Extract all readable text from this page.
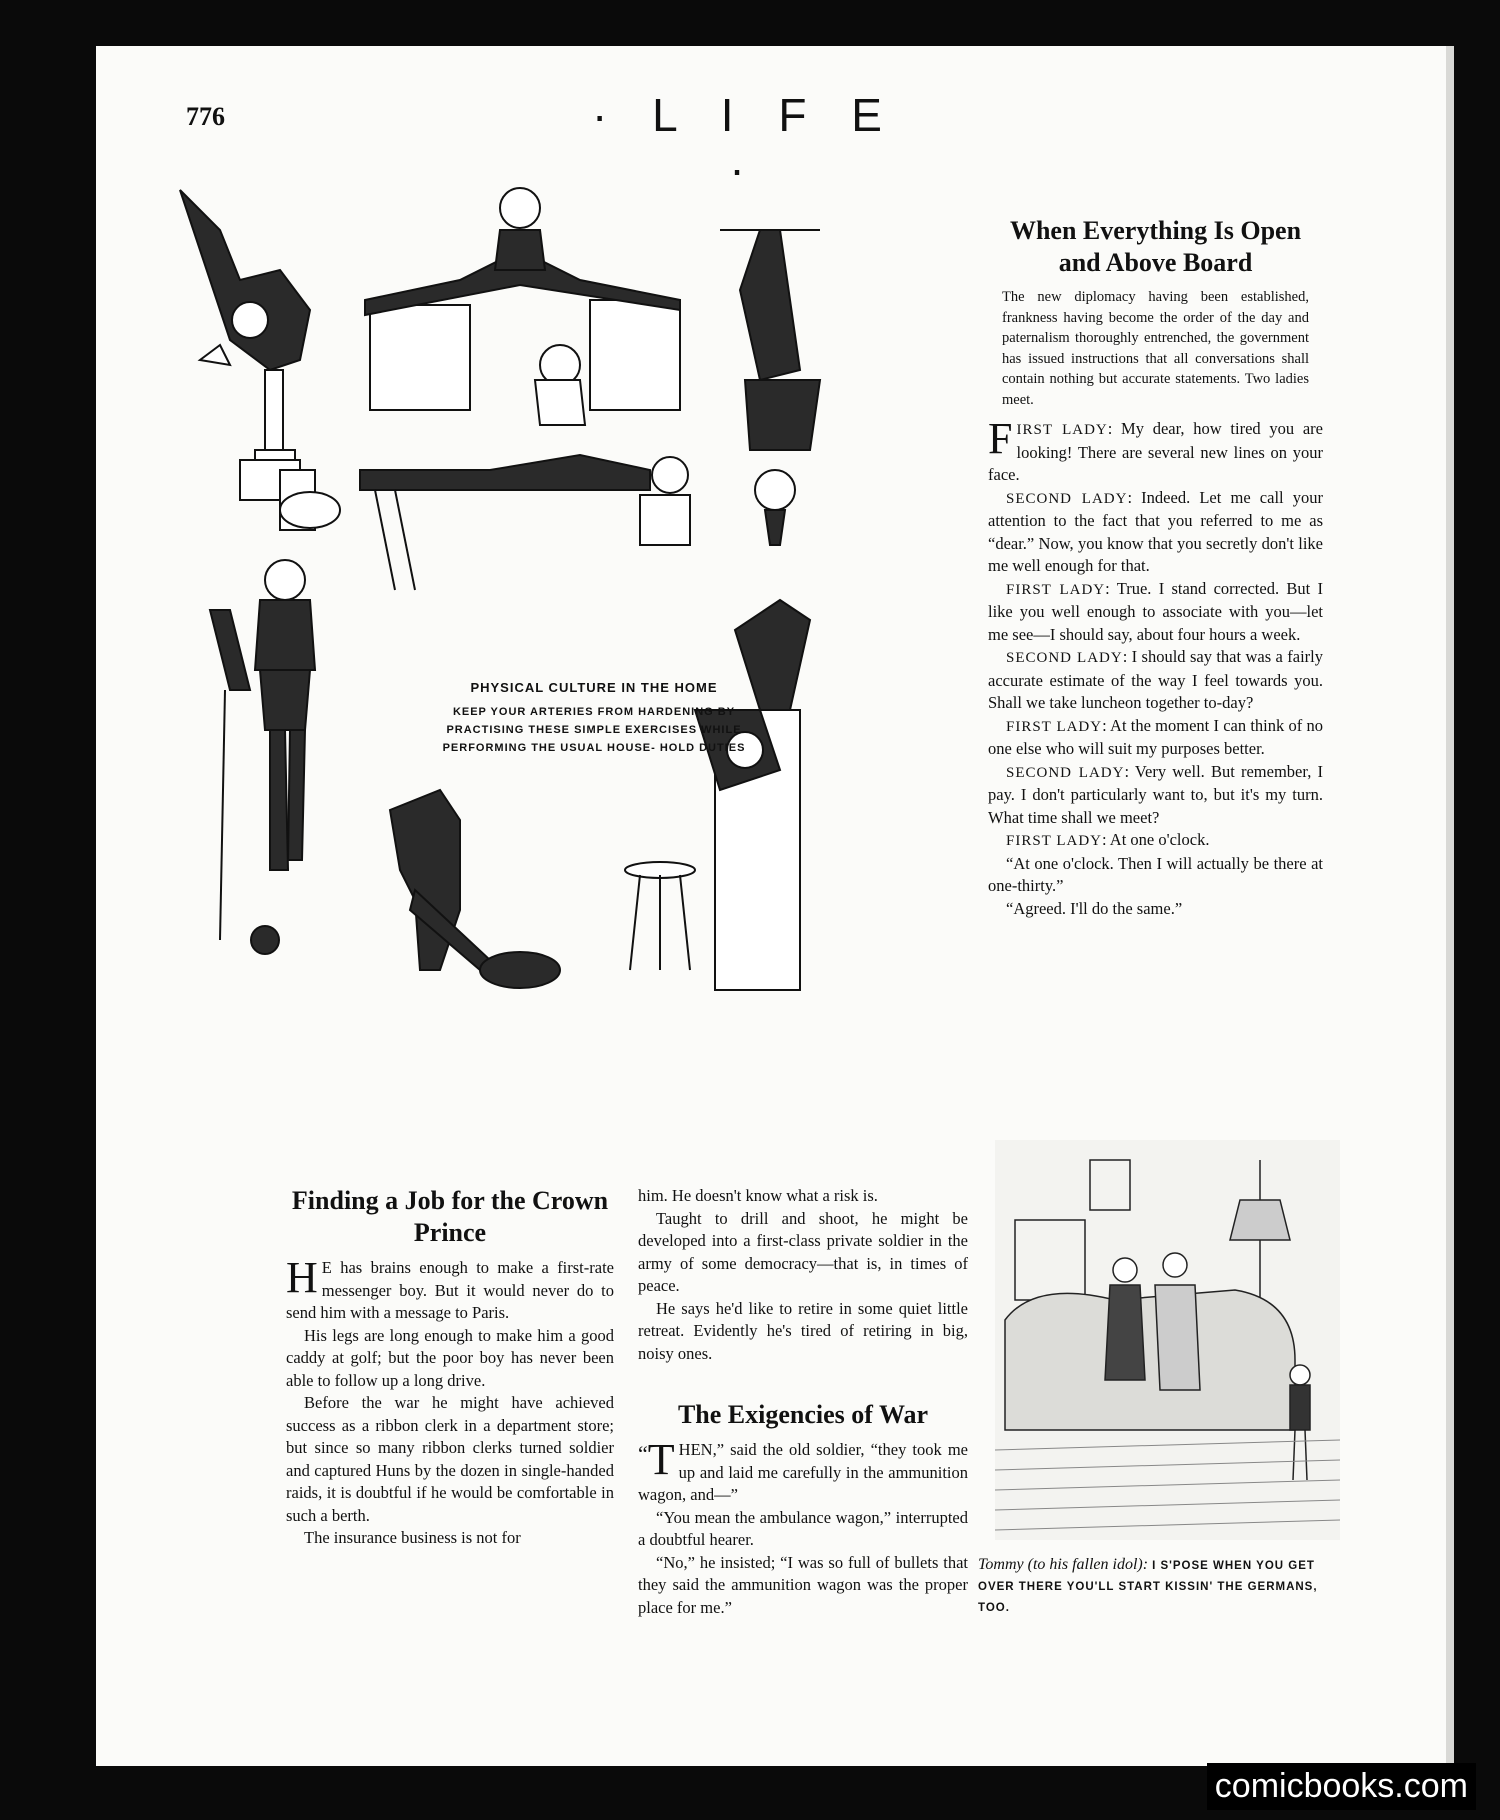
776	· L I F E ·
PHYSICAL CULTURE IN THE HOME
KEEP YOUR ARTERIES FROM HARDENING BY PRACTISING THESE SIMPLE EXERCISES WHILE PERFORMING THE USUAL HOUSE- HOLD DUTIES
When Everything Is Open and Above Board
The new diplomacy having been established, frankness having become the order of the day and paternalism thoroughly entrenched, the government has issued instructions that all conversations shall contain nothing but accurate statements. Two ladies meet.

FIRST LADY: My dear, how tired you are looking! There are several new lines on your face.

SECOND LADY: Indeed. Let me call your attention to the fact that you referred to me as “dear.” Now, you know that you secretly don't like me well enough for that.

FIRST LADY: True. I stand corrected. But I like you well enough to associate with you—let me see—I should say, about four hours a week.

SECOND LADY: I should say that was a fairly accurate estimate of the way I feel towards you. Shall we take luncheon together to-day?

FIRST LADY: At the moment I can think of no one else who will suit my purposes better.

SECOND LADY: Very well. But remember, I pay. I don't particularly want to, but it's my turn. What time shall we meet?

FIRST LADY: At one o'clock.

“At one o'clock. Then I will actually be there at one-thirty.”

“Agreed. I'll do the same.”

Finding a Job for the Crown Prince

H E has brains enough to make a first-rate messenger boy. But it would never do to send him with a message to Paris.

His legs are long enough to make him a good caddy at golf; but the poor boy has never been able to follow up a long drive.

Before the war he might have achieved success as a ribbon clerk in a department store; but since so many ribbon clerks turned soldier and captured Huns by the dozen in single-handed raids, it is doubtful if he would be comfortable in such a berth.

The insurance business is not for

him. He doesn't know what a risk is.

Taught to drill and shoot, he might be developed into a first-class private soldier in the army of some democracy—that is, in times of peace.

He says he'd like to retire in some quiet little retreat. Evidently he's tired of retiring in big, noisy ones.

The Exigencies of War

“ T HEN,” said the old soldier, “they took me up and laid me carefully in the ammunition wagon, and—”

“You mean the ambulance wagon,” interrupted a doubtful hearer.

“No,” he insisted; “I was so full of bullets that they said the ammunition wagon was the proper place for me.”

Tommy (to his fallen idol): I S'POSE WHEN YOU GET OVER THERE YOU'LL START KISSIN' THE GERMANS, TOO.
comicbooks.com
